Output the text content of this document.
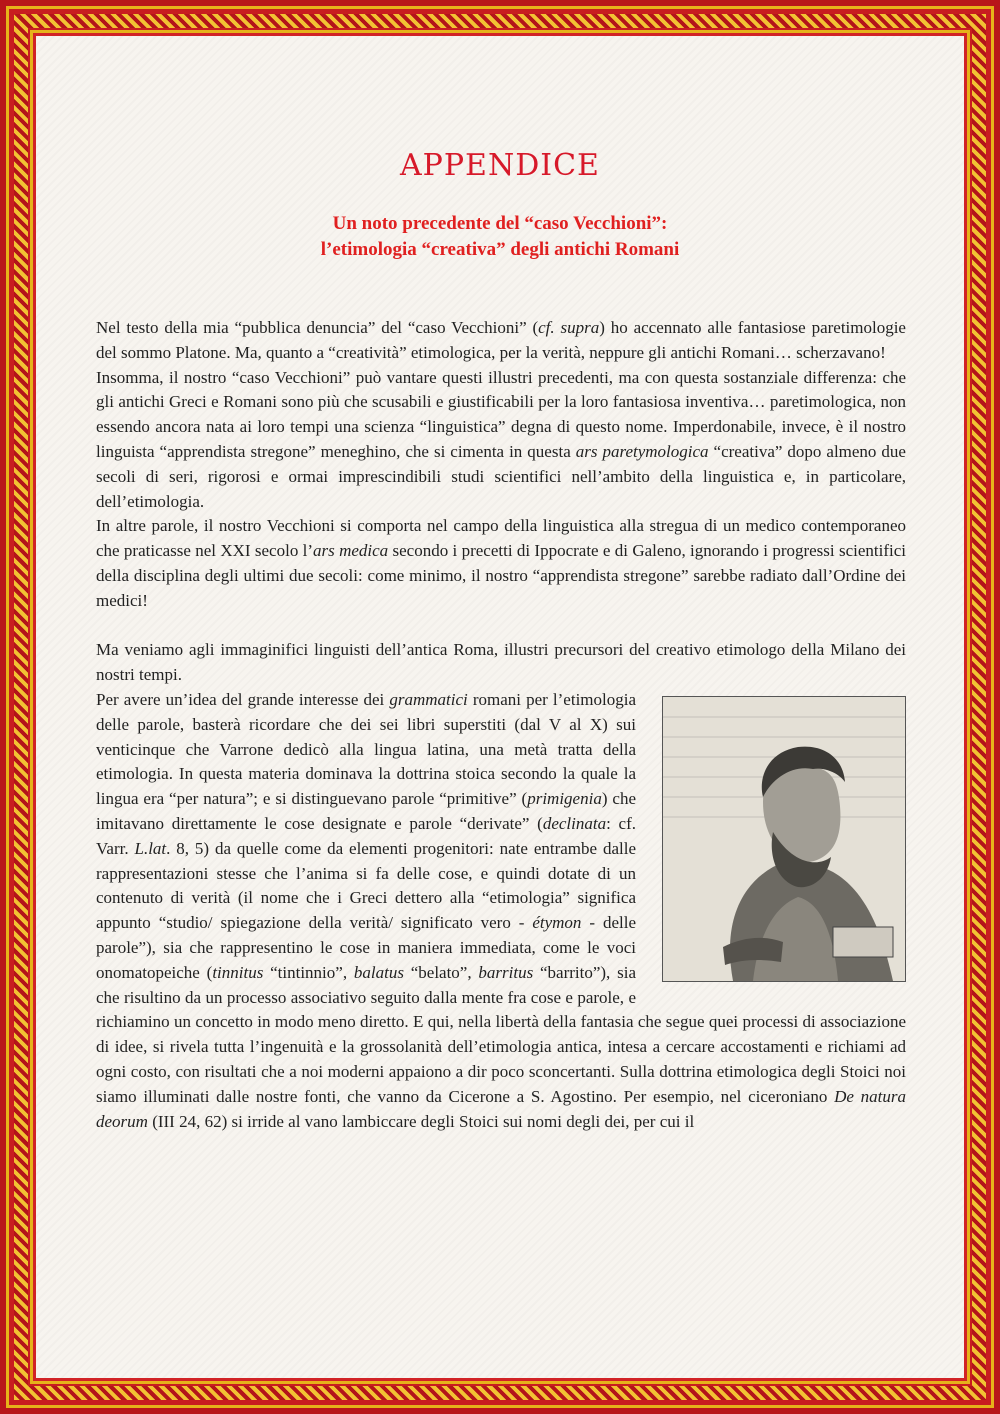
APPENDICE
Un noto precedente del “caso Vecchioni”:
l’etimologia “creativa” degli antichi Romani

Nel testo della mia “pubblica denuncia” del “caso Vecchioni” (cf. supra) ho accennato alle fantasiose paretimologie del sommo Platone. Ma, quanto a “creatività” etimologica, per la verità, neppure gli antichi Romani… scherzavano!

Insomma, il nostro “caso Vecchioni” può vantare questi illustri precedenti, ma con questa sostanziale differenza: che gli antichi Greci e Romani sono più che scusabili e giustificabili per la loro fantasiosa inventiva… paretimologica, non essendo ancora nata ai loro tempi una scienza “linguistica” degna di questo nome. Imperdonabile, invece, è il nostro linguista “apprendista stregone” meneghino, che si cimenta in questa ars paretymologica “creativa” dopo almeno due secoli di seri, rigorosi e ormai imprescindibili studi scientifici nell’ambito della linguistica e, in particolare, dell’etimologia.

In altre parole, il nostro Vecchioni si comporta nel campo della linguistica alla stregua di un medico contemporaneo che praticasse nel XXI secolo l’ars medica secondo i precetti di Ippocrate e di Galeno, ignorando i progressi scientifici della disciplina degli ultimi due secoli: come minimo, il nostro “apprendista stregone” sarebbe radiato dall’Ordine dei medici!

Ma veniamo agli immaginifici linguisti dell’antica Roma, illustri precursori del creativo etimologo della Milano dei nostri tempi.

Per avere un’idea del grande interesse dei grammatici romani per l’etimologia delle parole, basterà ricordare che dei sei libri superstiti (dal V al X) sui venticinque che Varrone dedicò alla lingua latina, una metà tratta della etimologia. In questa materia dominava la dottrina stoica secondo la quale la lingua era “per natura”; e si distinguevano parole “primitive” (primigenia) che imitavano direttamente le cose designate e parole “derivate” (declinata: cf. Varr. L.lat. 8, 5) da quelle come da elementi progenitori: nate entrambe dalle rappresentazioni stesse che l’anima si fa delle cose, e quindi dotate di un contenuto di verità (il nome che i Greci dettero alla “etimologia” significa appunto “studio/ spiegazione della verità/ significato vero - étymon - delle parole”), sia che rappresentino le cose in maniera immediata, come le voci onomatopeiche (tinnitus “tintinnio”, balatus “belato”, barritus “barrito”), sia che risultino da un processo associativo seguito dalla mente fra cose e parole, e richiamino un concetto in modo meno diretto. E qui, nella libertà della fantasia che segue quei processi di associazione di idee, si rivela tutta l’ingenuità e la grossolanità dell’etimologia antica, intesa a cercare accostamenti e richiami ad ogni costo, con risultati che a noi moderni appaiono a dir poco sconcertanti. Sulla dottrina etimologica degli Stoici noi siamo illuminati dalle nostre fonti, che vanno da Cicerone a S. Agostino. Per esempio, nel ciceroniano De natura deorum (III 24, 62) si irride al vano lambiccare degli Stoici sui nomi degli dei, per cui il
